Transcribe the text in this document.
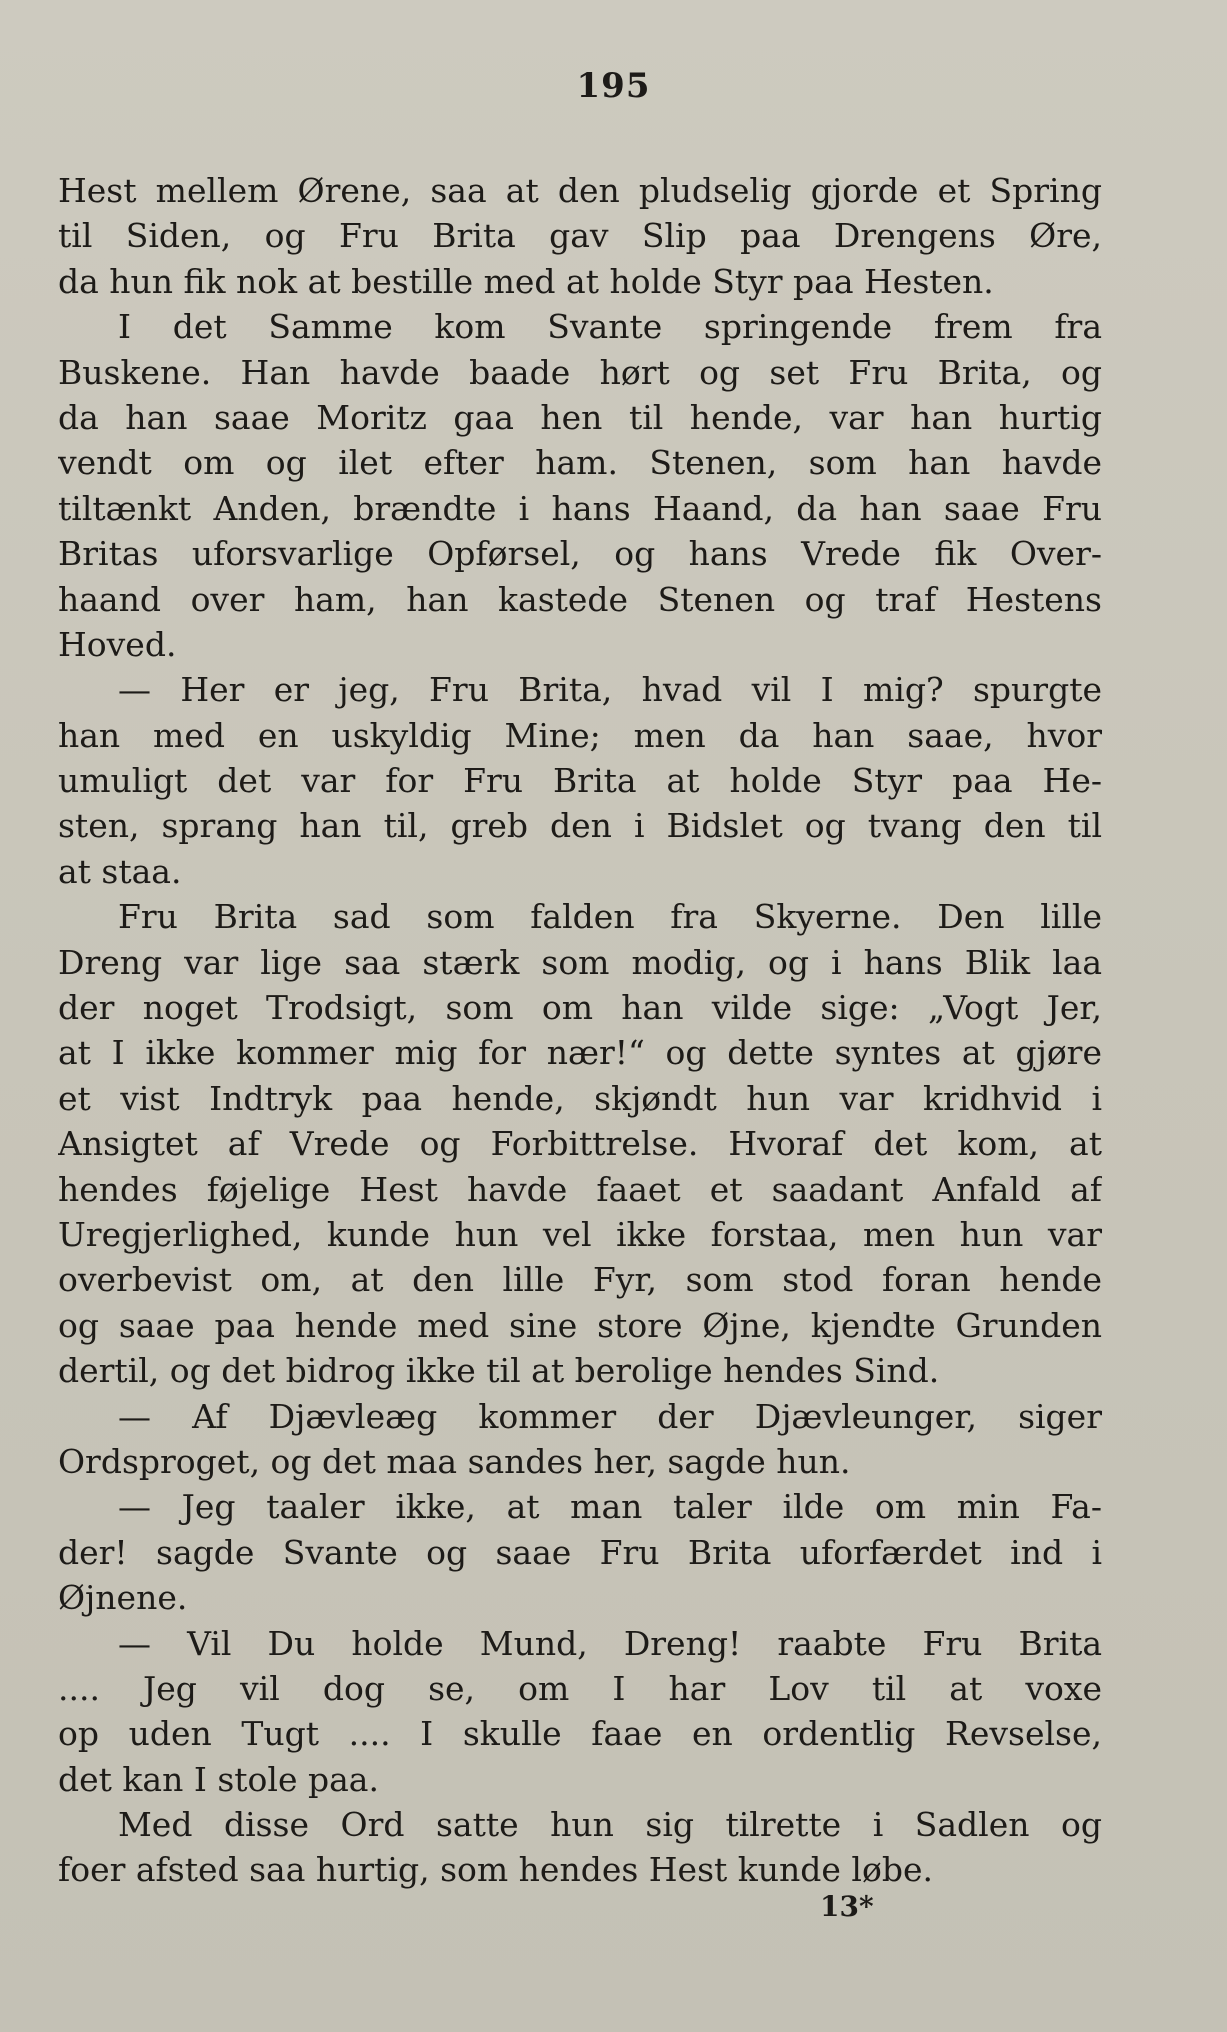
195
Hest mellem Ørene, saa at den pludselig gjorde et Spring
til Siden, og Fru Brita gav Slip paa Drengens Øre,
da hun fik nok at bestille med at holde Styr paa Hesten.
I det Samme kom Svante springende frem fra
Buskene. Han havde baade hørt og set Fru Brita, og
da han saae Moritz gaa hen til hende, var han hurtig
vendt om og ilet efter ham. Stenen, som han havde
tiltænkt Anden, brændte i hans Haand, da han saae Fru
Britas uforsvarlige Opførsel, og hans Vrede fik Over-
haand over ham, han kastede Stenen og traf Hestens
Hoved.
— Her er jeg, Fru Brita, hvad vil I mig? spurgte
han med en uskyldig Mine; men da han saae, hvor
umuligt det var for Fru Brita at holde Styr paa He-
sten, sprang han til, greb den i Bidslet og tvang den til
at staa.
Fru Brita sad som falden fra Skyerne. Den lille
Dreng var lige saa stærk som modig, og i hans Blik laa
der noget Trodsigt, som om han vilde sige: „Vogt Jer,
at I ikke kommer mig for nær!“ og dette syntes at gjøre
et vist Indtryk paa hende, skjøndt hun var kridhvid i
Ansigtet af Vrede og Forbittrelse. Hvoraf det kom, at
hendes føjelige Hest havde faaet et saadant Anfald af
Uregjerlighed, kunde hun vel ikke forstaa, men hun var
overbevist om, at den lille Fyr, som stod foran hende
og saae paa hende med sine store Øjne, kjendte Grunden
dertil, og det bidrog ikke til at berolige hendes Sind.
— Af Djævleæg kommer der Djævleunger, siger
Ordsproget, og det maa sandes her, sagde hun.
— Jeg taaler ikke, at man taler ilde om min Fa-
der! sagde Svante og saae Fru Brita uforfærdet ind i
Øjnene.
— Vil Du holde Mund, Dreng! raabte Fru Brita
.... Jeg vil dog se, om I har Lov til at voxe
op uden Tugt .... I skulle faae en ordentlig Revselse,
det kan I stole paa.
Med disse Ord satte hun sig tilrette i Sadlen og
foer afsted saa hurtig, som hendes Hest kunde løbe.
13*
